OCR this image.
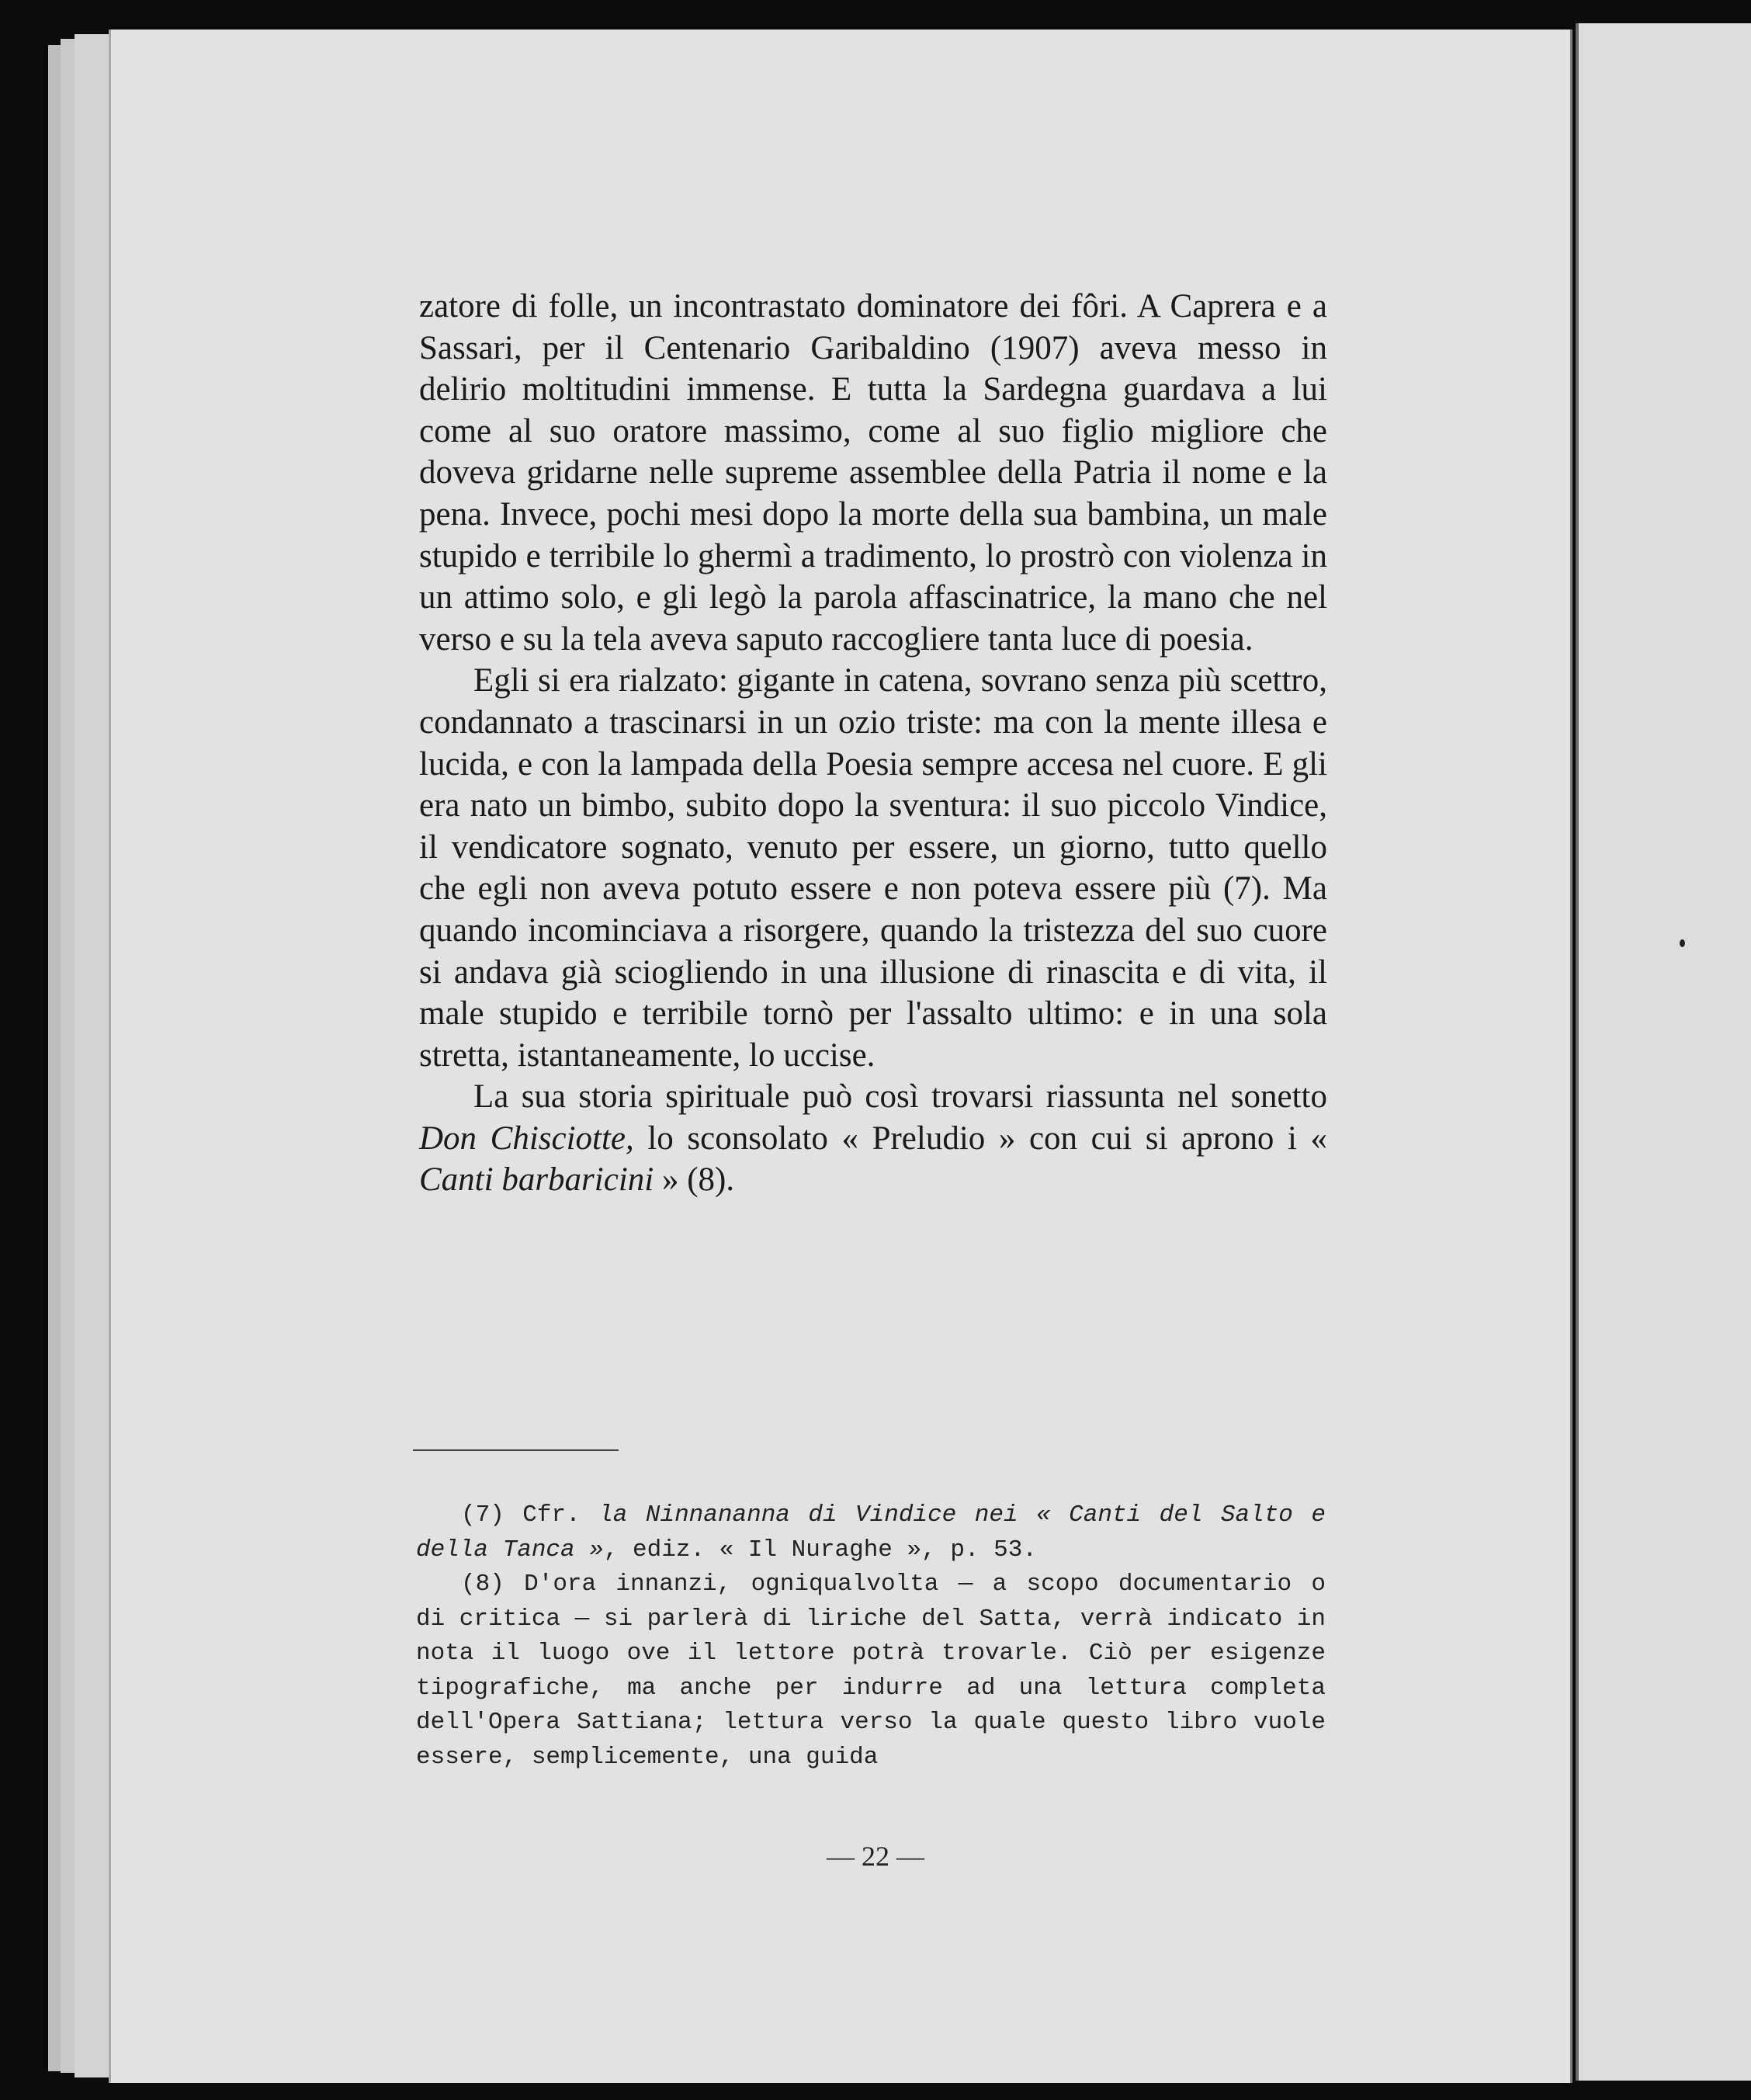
zatore di folle, un incontrastato dominatore dei fôri. A Caprera e a Sassari, per il Centenario Garibaldino (1907) aveva messo in delirio moltitudini immense. E tutta la Sardegna guardava a lui come al suo oratore massimo, come al suo figlio migliore che doveva gridarne nelle supreme assemblee della Patria il nome e la pena. Invece, pochi mesi dopo la morte della sua bambina, un male stupido e terribile lo ghermì a tradimento, lo prostrò con violenza in un attimo solo, e gli legò la parola affascinatrice, la mano che nel verso e su la tela aveva saputo raccogliere tanta luce di poesia.

Egli si era rialzato: gigante in catena, sovrano senza più scettro, condannato a trascinarsi in un ozio triste: ma con la mente illesa e lucida, e con la lampada della Poesia sempre accesa nel cuore. E gli era nato un bimbo, subito dopo la sventura: il suo piccolo Vindice, il vendicatore sognato, venuto per essere, un giorno, tutto quello che egli non aveva potuto essere e non poteva essere più (7). Ma quando incominciava a risorgere, quando la tristezza del suo cuore si andava già sciogliendo in una illusione di rinascita e di vita, il male stupido e terribile tornò per l'assalto ultimo: e in una sola stretta, istantaneamente, lo uccise.

La sua storia spirituale può così trovarsi riassunta nel sonetto Don Chisciotte, lo sconsolato « Preludio » con cui si aprono i « Canti barbaricini » (8).

(7) Cfr. la Ninnananna di Vindice nei « Canti del Salto e della Tanca », ediz. « Il Nuraghe », p. 53.

(8) D'ora innanzi, ogniqualvolta — a scopo documentario o di critica — si parlerà di liriche del Satta, verrà indicato in nota il luogo ove il lettore potrà trovarle. Ciò per esigenze tipografiche, ma anche per indurre ad una lettura completa dell'Opera Sattiana; lettura verso la quale questo libro vuole essere, semplicemente, una guida

— 22 —
